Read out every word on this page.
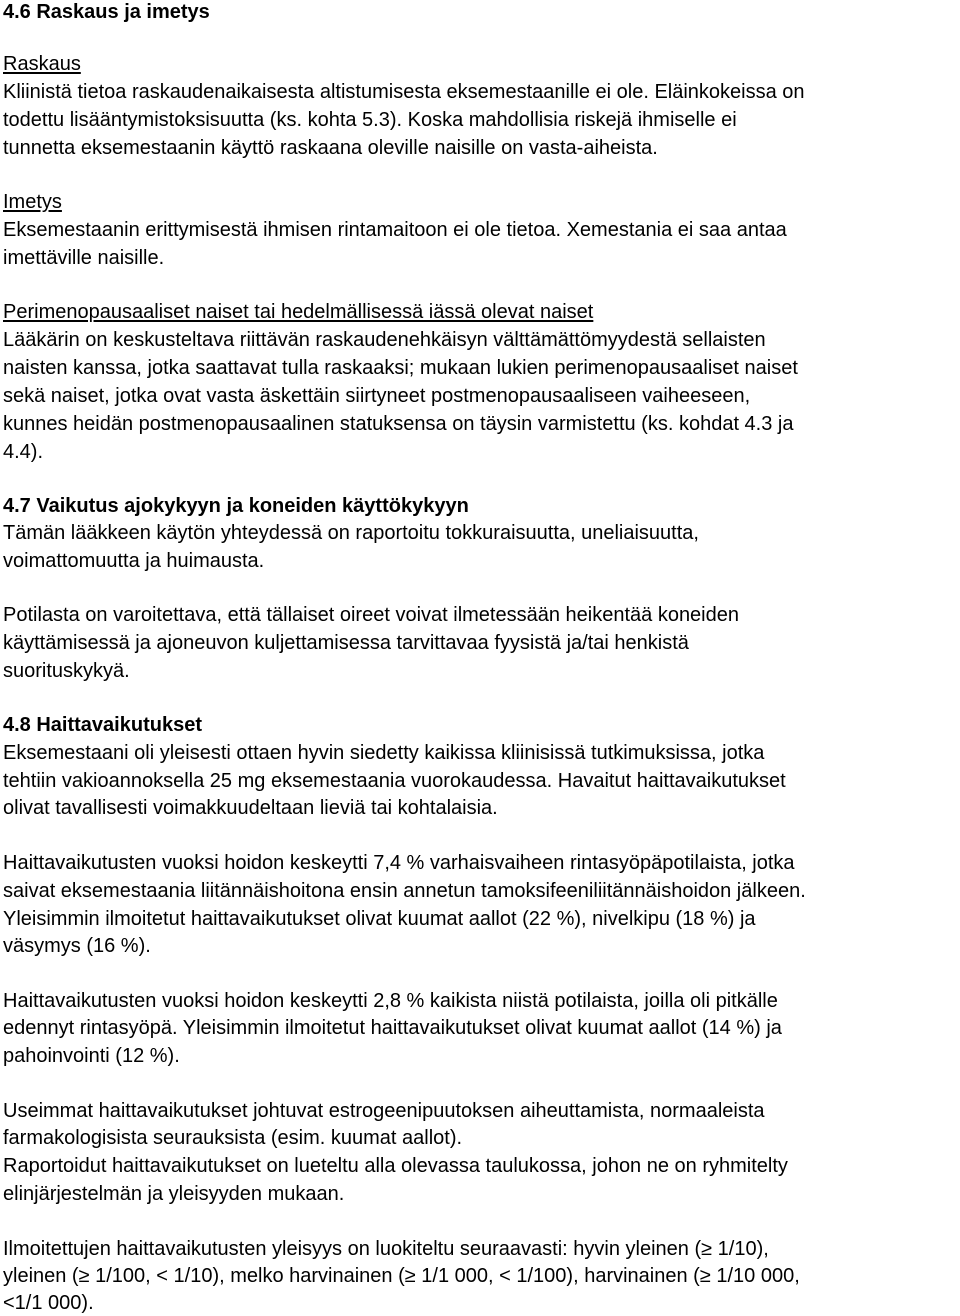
4.6 Raskaus ja imetys
Raskaus
Kliinistä tietoa raskaudenaikaisesta altistumisesta eksemestaanille ei ole. Eläinkokeissa on
todettu lisääntymistoksisuutta (ks. kohta 5.3). Koska mahdollisia riskejä ihmiselle ei
tunnetta eksemestaanin käyttö raskaana oleville naisille on vasta-aiheista.
Imetys
Eksemestaanin erittymisestä ihmisen rintamaitoon ei ole tietoa. Xemestania ei saa antaa
imettäville naisille.
Perimenopausaaliset naiset tai hedelmällisessä iässä olevat naiset
Lääkärin on keskusteltava riittävän raskaudenehkäisyn välttämättömyydestä sellaisten
naisten kanssa, jotka saattavat tulla raskaaksi; mukaan lukien perimenopausaaliset naiset
sekä naiset, jotka ovat vasta äskettäin siirtyneet postmenopausaaliseen vaiheeseen,
kunnes heidän postmenopausaalinen statuksensa on täysin varmistettu (ks. kohdat 4.3 ja
4.4).
4.7 Vaikutus ajokykyyn ja koneiden käyttökykyyn
Tämän lääkkeen käytön yhteydessä on raportoitu tokkuraisuutta, uneliaisuutta,
voimattomuutta ja huimausta.
Potilasta on varoitettava, että tällaiset oireet voivat ilmetessään heikentää koneiden
käyttämisessä ja ajoneuvon kuljettamisessa tarvittavaa fyysistä ja/tai henkistä
suorituskykyä.
4.8 Haittavaikutukset
Eksemestaani oli yleisesti ottaen hyvin siedetty kaikissa kliinisissä tutkimuksissa, jotka
tehtiin vakioannoksella 25 mg eksemestaania vuorokaudessa. Havaitut haittavaikutukset
olivat tavallisesti voimakkuudeltaan lieviä tai kohtalaisia.
Haittavaikutusten vuoksi hoidon keskeytti 7,4 % varhaisvaiheen rintasyöpäpotilaista, jotka
saivat eksemestaania liitännäishoitona ensin annetun tamoksifeeniliitännäishoidon jälkeen.
Yleisimmin ilmoitetut haittavaikutukset olivat kuumat aallot (22 %), nivelkipu (18 %) ja
väsymys (16 %).
Haittavaikutusten vuoksi hoidon keskeytti 2,8 % kaikista niistä potilaista, joilla oli pitkälle
edennyt rintasyöpä. Yleisimmin ilmoitetut haittavaikutukset olivat kuumat aallot (14 %) ja
pahoinvointi (12 %).
Useimmat haittavaikutukset johtuvat estrogeenipuutoksen aiheuttamista, normaaleista
farmakologisista seurauksista (esim. kuumat aallot).
Raportoidut haittavaikutukset on lueteltu alla olevassa taulukossa, johon ne on ryhmitelty
elinjärjestelmän ja yleisyyden mukaan.
Ilmoitettujen haittavaikutusten yleisyys on luokiteltu seuraavasti: hyvin yleinen (≥ 1/10),
yleinen (≥ 1/100, < 1/10), melko harvinainen (≥ 1/1 000, < 1/100), harvinainen (≥ 1/10 000,
<1/1 000).
